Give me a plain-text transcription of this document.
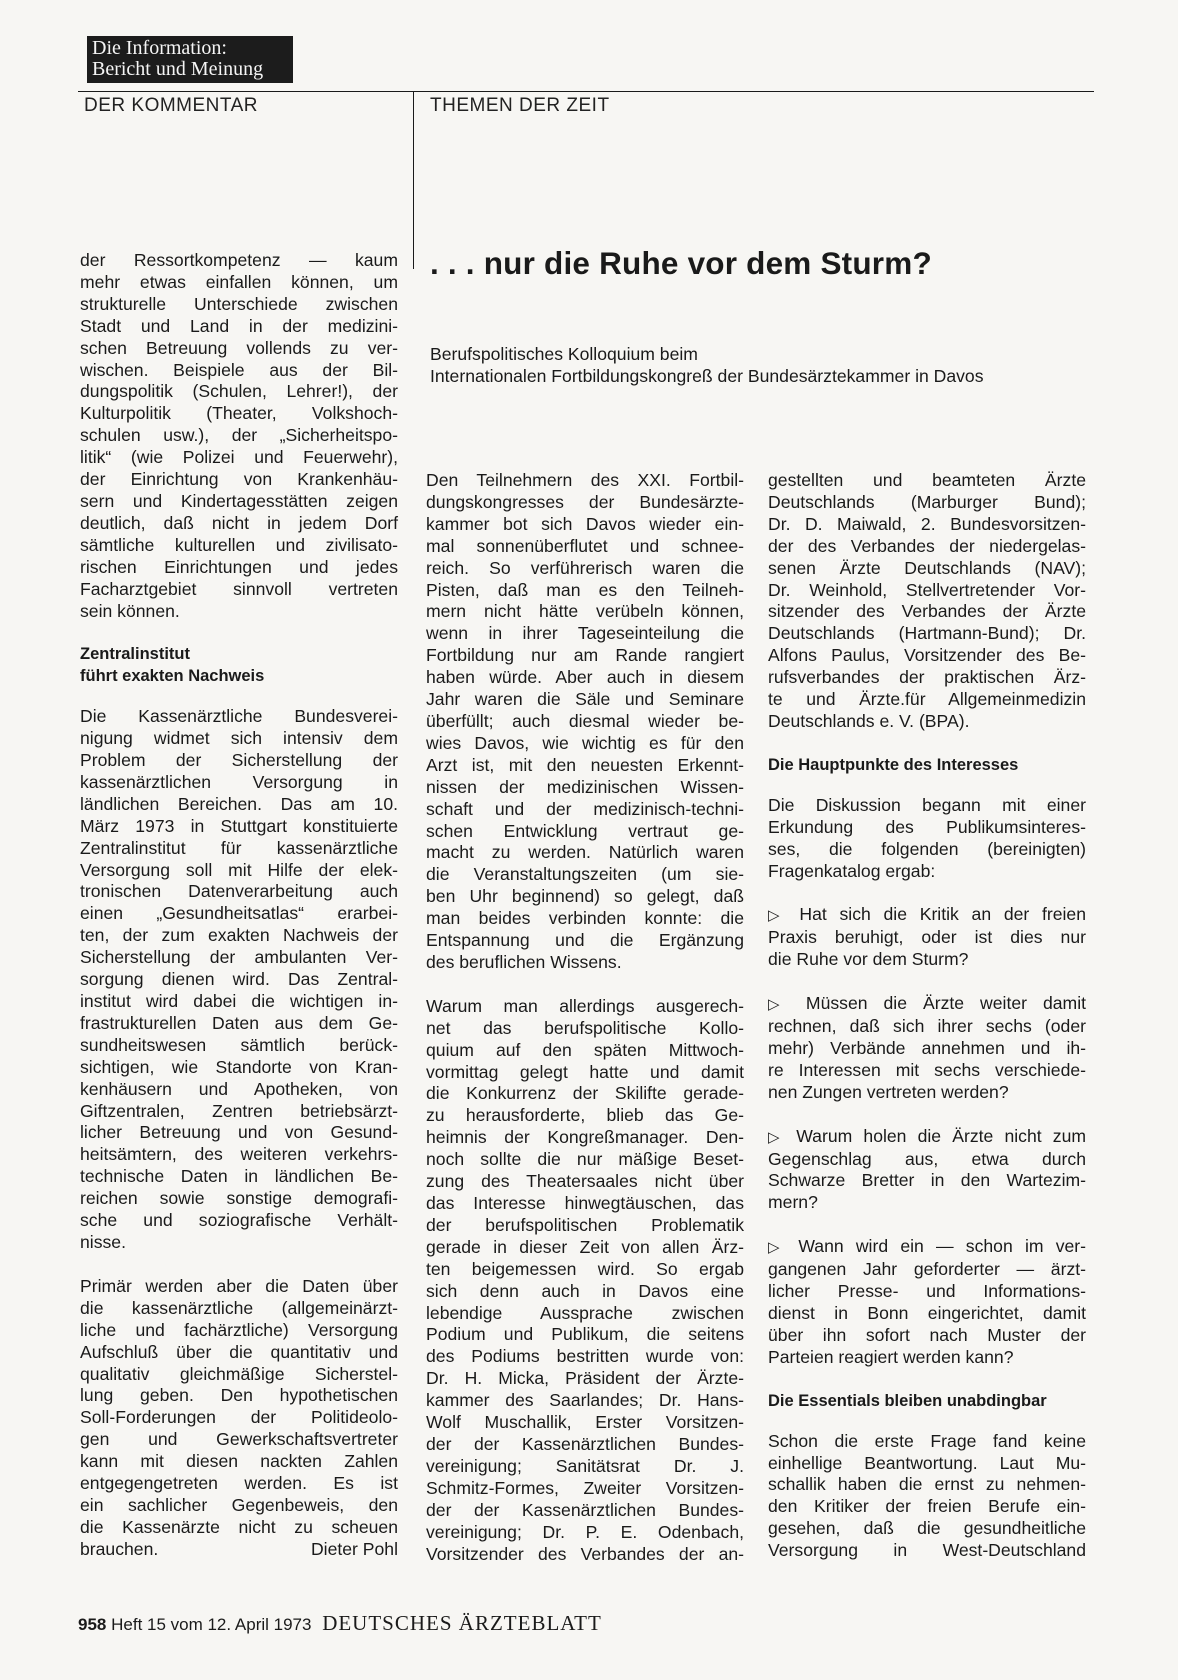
Die Information:
Bericht und Meinung
DER KOMMENTAR	THEMEN DER ZEIT
. . . nur die Ruhe vor dem Sturm?
Berufspolitisches Kolloquium beim
Internationalen Fortbildungskongreß der Bundesärztekammer in Davos

der Ressortkompetenz — kaum
mehr etwas einfallen können, um
strukturelle Unterschiede zwischen
Stadt und Land in der medizini-
schen Betreuung vollends zu ver-
wischen. Beispiele aus der Bil-
dungspolitik (Schulen, Lehrer!), der
Kulturpolitik (Theater, Volkshoch-
schulen usw.), der „Sicherheitspo-
litik“ (wie Polizei und Feuerwehr),
der Einrichtung von Krankenhäu-
sern und Kindertagesstätten zeigen
deutlich, daß nicht in jedem Dorf
sämtliche kulturellen und zivilisato-
rischen Einrichtungen und jedes
Facharztgebiet sinnvoll vertreten
sein können.

Zentralinstitut
führt exakten Nachweis

Die Kassenärztliche Bundesverei-
nigung widmet sich intensiv dem
Problem der Sicherstellung der
kassenärztlichen Versorgung in
ländlichen Bereichen. Das am 10.
März 1973 in Stuttgart konstituierte
Zentralinstitut für kassenärztliche
Versorgung soll mit Hilfe der elek-
tronischen Datenverarbeitung auch
einen „Gesundheitsatlas“ erarbei-
ten, der zum exakten Nachweis der
Sicherstellung der ambulanten Ver-
sorgung dienen wird. Das Zentral-
institut wird dabei die wichtigen in-
frastrukturellen Daten aus dem Ge-
sundheitswesen sämtlich berück-
sichtigen, wie Standorte von Kran-
kenhäusern und Apotheken, von
Giftzentralen, Zentren betriebsärzt-
licher Betreuung und von Gesund-
heitsämtern, des weiteren verkehrs-
technische Daten in ländlichen Be-
reichen sowie sonstige demografi-
sche und soziografische Verhält-
nisse.

Primär werden aber die Daten über
die kassenärztliche (allgemeinärzt-
liche und fachärztliche) Versorgung
Aufschluß über die quantitativ und
qualitativ gleichmäßige Sicherstel-
lung geben. Den hypothetischen
Soll-Forderungen der Politideolo-
gen und Gewerkschaftsvertreter
kann mit diesen nackten Zahlen
entgegengetreten werden. Es ist
ein sachlicher Gegenbeweis, den
die Kassenärzte nicht zu scheuen

brauchen.	Dieter Pohl

Den Teilnehmern des XXI. Fortbil-
dungskongresses der Bundesärzte-
kammer bot sich Davos wieder ein-
mal sonnenüberflutet und schnee-
reich. So verführerisch waren die
Pisten, daß man es den Teilneh-
mern nicht hätte verübeln können,
wenn in ihrer Tageseinteilung die
Fortbildung nur am Rande rangiert
haben würde. Aber auch in diesem
Jahr waren die Säle und Seminare
überfüllt; auch diesmal wieder be-
wies Davos, wie wichtig es für den
Arzt ist, mit den neuesten Erkennt-
nissen der medizinischen Wissen-
schaft und der medizinisch-techni-
schen Entwicklung vertraut ge-
macht zu werden. Natürlich waren
die Veranstaltungszeiten (um sie-
ben Uhr beginnend) so gelegt, daß
man beides verbinden konnte: die
Entspannung und die Ergänzung
des beruflichen Wissens.

Warum man allerdings ausgerech-
net das berufspolitische Kollo-
quium auf den späten Mittwoch-
vormittag gelegt hatte und damit
die Konkurrenz der Skilifte gerade-
zu herausforderte, blieb das Ge-
heimnis der Kongreßmanager. Den-
noch sollte die nur mäßige Beset-
zung des Theatersaales nicht über
das Interesse hinwegtäuschen, das
der berufspolitischen Problematik
gerade in dieser Zeit von allen Ärz-
ten beigemessen wird. So ergab
sich denn auch in Davos eine
lebendige Aussprache zwischen
Podium und Publikum, die seitens
des Podiums bestritten wurde von:
Dr. H. Micka, Präsident der Ärzte-
kammer des Saarlandes; Dr. Hans-
Wolf Muschallik, Erster Vorsitzen-
der der Kassenärztlichen Bundes-
vereinigung; Sanitätsrat Dr. J.
Schmitz-Formes, Zweiter Vorsitzen-
der der Kassenärztlichen Bundes-
vereinigung; Dr. P. E. Odenbach,
Vorsitzender des Verbandes der an-

gestellten und beamteten Ärzte
Deutschlands (Marburger Bund);
Dr. D. Maiwald, 2. Bundesvorsitzen-
der des Verbandes der niedergelas-
senen Ärzte Deutschlands (NAV);
Dr. Weinhold, Stellvertretender Vor-
sitzender des Verbandes der Ärzte
Deutschlands (Hartmann-Bund); Dr.
Alfons Paulus, Vorsitzender des Be-
rufsverbandes der praktischen Ärz-
te und Ärzte.für Allgemeinmedizin
Deutschlands e. V. (BPA).

Die Hauptpunkte des Interesses

Die Diskussion begann mit einer
Erkundung des Publikumsinteres-
ses, die folgenden (bereinigten)
Fragenkatalog ergab:

▷ Hat sich die Kritik an der freien
Praxis beruhigt, oder ist dies nur
die Ruhe vor dem Sturm?

▷ Müssen die Ärzte weiter damit
rechnen, daß sich ihrer sechs (oder
mehr) Verbände annehmen und ih-
re Interessen mit sechs verschiede-
nen Zungen vertreten werden?

▷ Warum holen die Ärzte nicht zum
Gegenschlag aus, etwa durch
Schwarze Bretter in den Wartezim-
mern?

▷ Wann wird ein — schon im ver-
gangenen Jahr geforderter — ärzt-
licher Presse- und Informations-
dienst in Bonn eingerichtet, damit
über ihn sofort nach Muster der
Parteien reagiert werden kann?

Die Essentials bleiben unabdingbar

Schon die erste Frage fand keine
einhellige Beantwortung. Laut Mu-
schallik haben die ernst zu nehmen-
den Kritiker der freien Berufe ein-
gesehen, daß die gesundheitliche
Versorgung in West-Deutschland

958 Heft 15 vom 12. April 1973 DEUTSCHES ÄRZTEBLATT
